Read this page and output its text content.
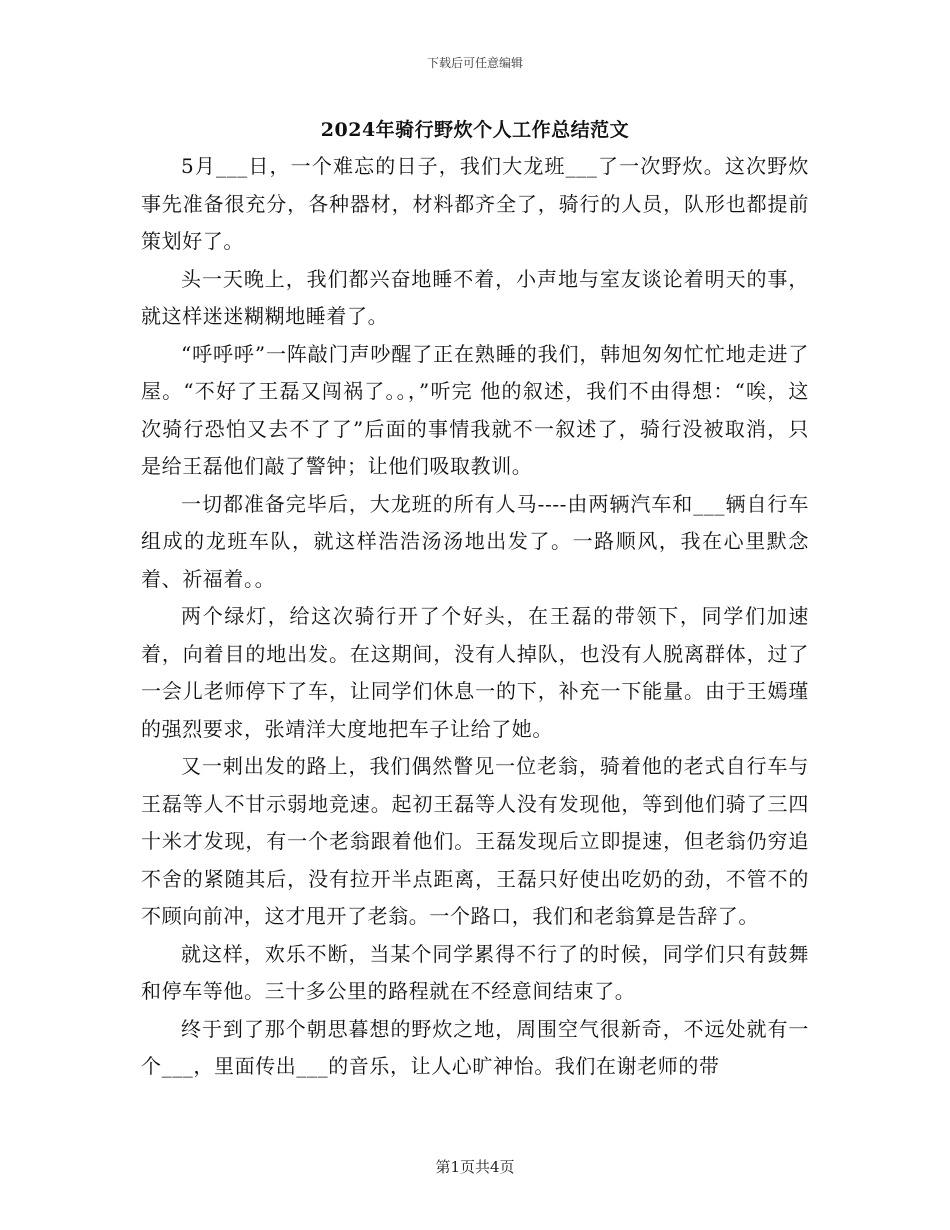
下载后可任意编辑
2024年骑行野炊个人工作总结范文

5月___日，一个难忘的日子，我们大龙班___了一次野炊。这次野炊事先准备很充分，各种器材，材料都齐全了，骑行的人员，队形也都提前策划好了。

头一天晚上，我们都兴奋地睡不着，小声地与室友谈论着明天的事，就这样迷迷糊糊地睡着了。

“呼呼呼”一阵敲门声吵醒了正在熟睡的我们，韩旭匆匆忙忙地走进了屋。“不好了王磊又闯祸了。。，”听完 他的叙述，我们不由得想：“唉，这次骑行恐怕又去不了了”后面的事情我就不一叙述了，骑行没被取消，只是给王磊他们敲了警钟；让他们吸取教训。

一切都准备完毕后，大龙班的所有人马----由两辆汽车和___辆自行车组成的龙班车队，就这样浩浩汤汤地出发了。一路顺风，我在心里默念着、祈福着。。

两个绿灯，给这次骑行开了个好头，在王磊的带领下，同学们加速着，向着目的地出发。在这期间，没有人掉队，也没有人脱离群体，过了一会儿老师停下了车，让同学们休息一的下，补充一下能量。由于王嫣瑾的强烈要求，张靖洋大度地把车子让给了她。

又一剌出发的路上，我们偶然瞥见一位老翁，骑着他的老式自行车与王磊等人不甘示弱地竞速。起初王磊等人没有发现他，等到他们骑了三四十米才发现，有一个老翁跟着他们。王磊发现后立即提速，但老翁仍穷追不舍的紧随其后，没有拉开半点距离，王磊只好使出吃奶的劲，不管不的不顾向前冲，这才甩开了老翁。一个路口，我们和老翁算是告辞了。

就这样，欢乐不断，当某个同学累得不行了的时候，同学们只有鼓舞和停车等他。三十多公里的路程就在不经意间结束了。

终于到了那个朝思暮想的野炊之地，周围空气很新奇，不远处就有一个___，里面传出___的音乐，让人心旷神怡。我们在谢老师的带

第1页共4页
